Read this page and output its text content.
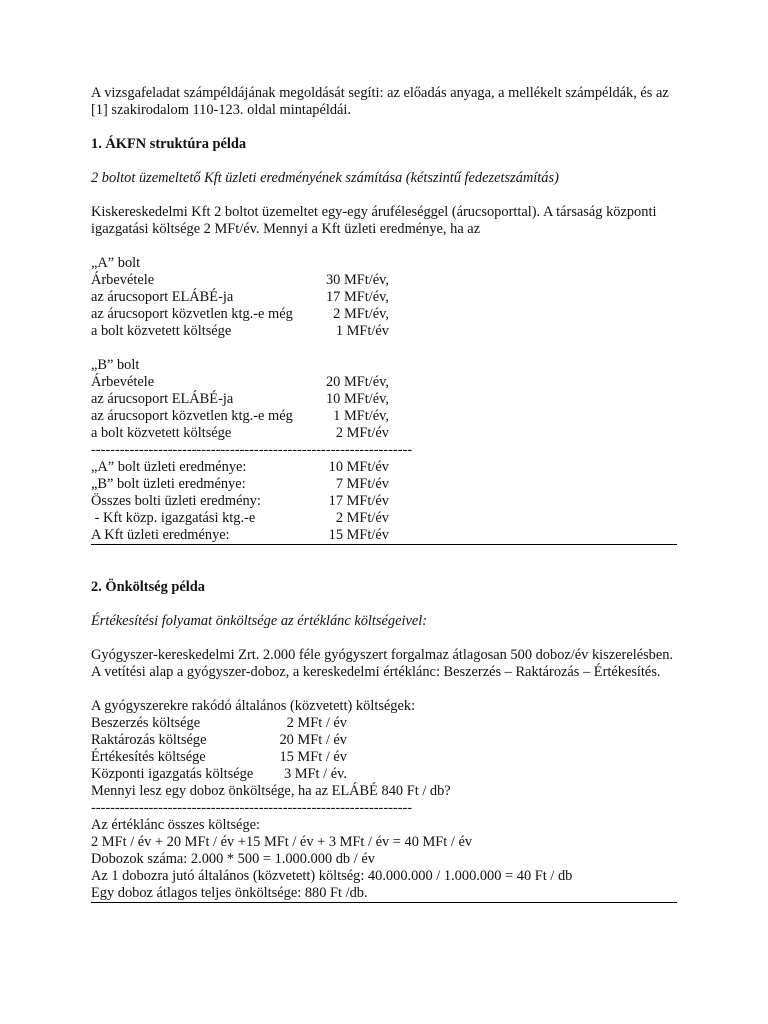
A vizsgafeladat számpéldájának megoldását segíti: az előadás anyaga, a mellékelt számpéldák, és az [1] szakirodalom 110-123. oldal mintapéldái.

1. ÁKFN struktúra példa

2 boltot üzemeltető Kft üzleti eredményének számítása (kétszintű fedezetszámítás)

Kiskereskedelmi Kft 2 boltot üzemeltet egy-egy áruféleséggel (árucsoporttal). A társaság központi igazgatási költsége 2 MFt/év. Mennyi a Kft üzleti eredménye, ha az

„A” bolt

Árbevétele	30 MFt/év,
az árucsoport ELÁBÉ-ja	17 MFt/év,
az árucsoport közvetlen ktg.-e még	2 MFt/év,
a bolt közvetett költsége	1 MFt/év

„B” bolt

Árbevétele	20 MFt/év,
az árucsoport ELÁBÉ-ja	10 MFt/év,
az árucsoport közvetlen ktg.-e még	1 MFt/év,
a bolt közvetett költsége	2 MFt/év
-------------------------------------------------------------------
„A” bolt üzleti eredménye:	10 MFt/év
„B” bolt üzleti eredménye:	7 MFt/év
Összes bolti üzleti eredmény:	17 MFt/év
- Kft közp. igazgatási ktg.-e	2 MFt/év
A Kft üzleti eredménye:	15 MFt/év

2. Önköltség példa

Értékesítési folyamat önköltsége az értéklánc költségeivel:

Gyógyszer-kereskedelmi Zrt. 2.000 féle gyógyszert forgalmaz átlagosan 500 doboz/év kiszerelésben. A vetítési alap a gyógyszer-doboz, a kereskedelmi értéklánc: Beszerzés – Raktározás – Értékesítés.

A gyógyszerekre rakódó általános (közvetett) költségek:

Beszerzés költsége	2 MFt / év
Raktározás költsége	20 MFt / év
Értékesítés költsége	15 MFt / év
Központi igazgatás költsége	3 MFt / év.

Mennyi lesz egy doboz önköltsége, ha az ELÁBÉ 840 Ft / db?

-------------------------------------------------------------------

Az értéklánc összes költsége:

2 MFt / év + 20 MFt / év +15 MFt / év + 3 MFt / év = 40 MFt / év

Dobozok száma: 2.000 * 500 = 1.000.000 db / év

Az 1 dobozra jutó általános (közvetett) költség: 40.000.000 / 1.000.000 = 40 Ft / db

Egy doboz átlagos teljes önköltsége: 880 Ft /db.
